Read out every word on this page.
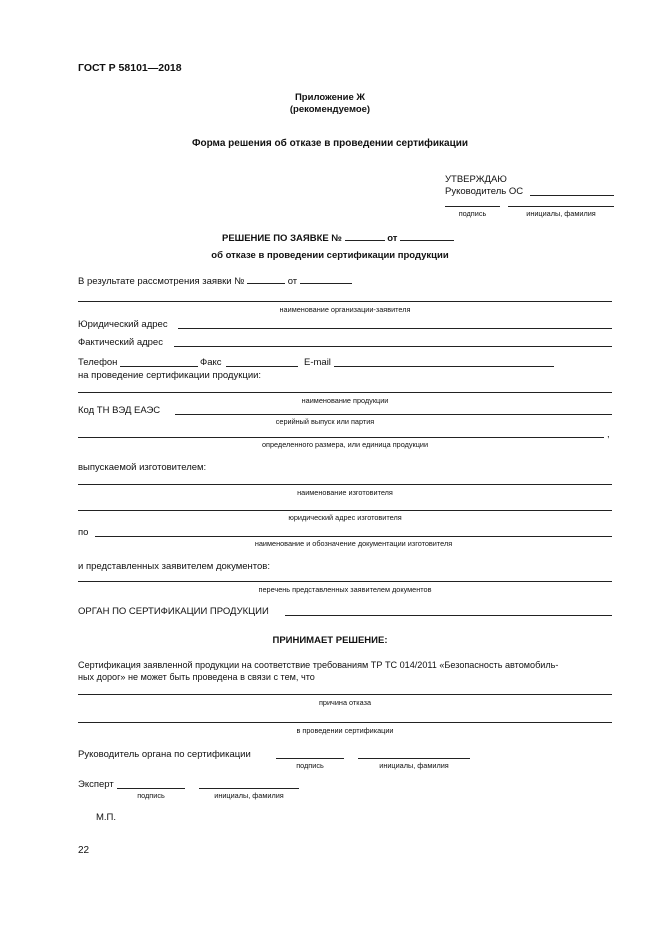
ГОСТ Р 58101—2018
Приложение Ж
(рекомендуемое)
Форма решения об отказе в проведении сертификации
УТВЕРЖДАЮ
Руководитель ОС
подпись	инициалы, фамилия
РЕШЕНИЕ ПО ЗАЯВКЕ №	от
об отказе в проведении сертификации продукции
В результате рассмотрения заявки №	от
наименование организации-заявителя
Юридический адрес
Фактический адрес
Телефон	Факс	E-mail
на проведение сертификации продукции:
наименование продукции
Код ТН ВЭД ЕАЭС
серийный выпуск или партия
,
определенного размера, или единица продукции
выпускаемой изготовителем:
наименование изготовителя
юридический адрес изготовителя
по
наименование и обозначение документации изготовителя
и представленных заявителем документов:
перечень представленных заявителем документов
ОРГАН ПО СЕРТИФИКАЦИИ ПРОДУКЦИИ
ПРИНИМАЕТ РЕШЕНИЕ:
Сертификация заявленной продукции на соответствие требованиям ТР ТС 014/2011 «Безопасность автомобиль-
ных дорог» не может быть проведена в связи с тем, что
причина отказа
в проведении сертификации
Руководитель органа по сертификации
подпись	инициалы, фамилия
Эксперт
подпись	инициалы, фамилия
М.П.
22
